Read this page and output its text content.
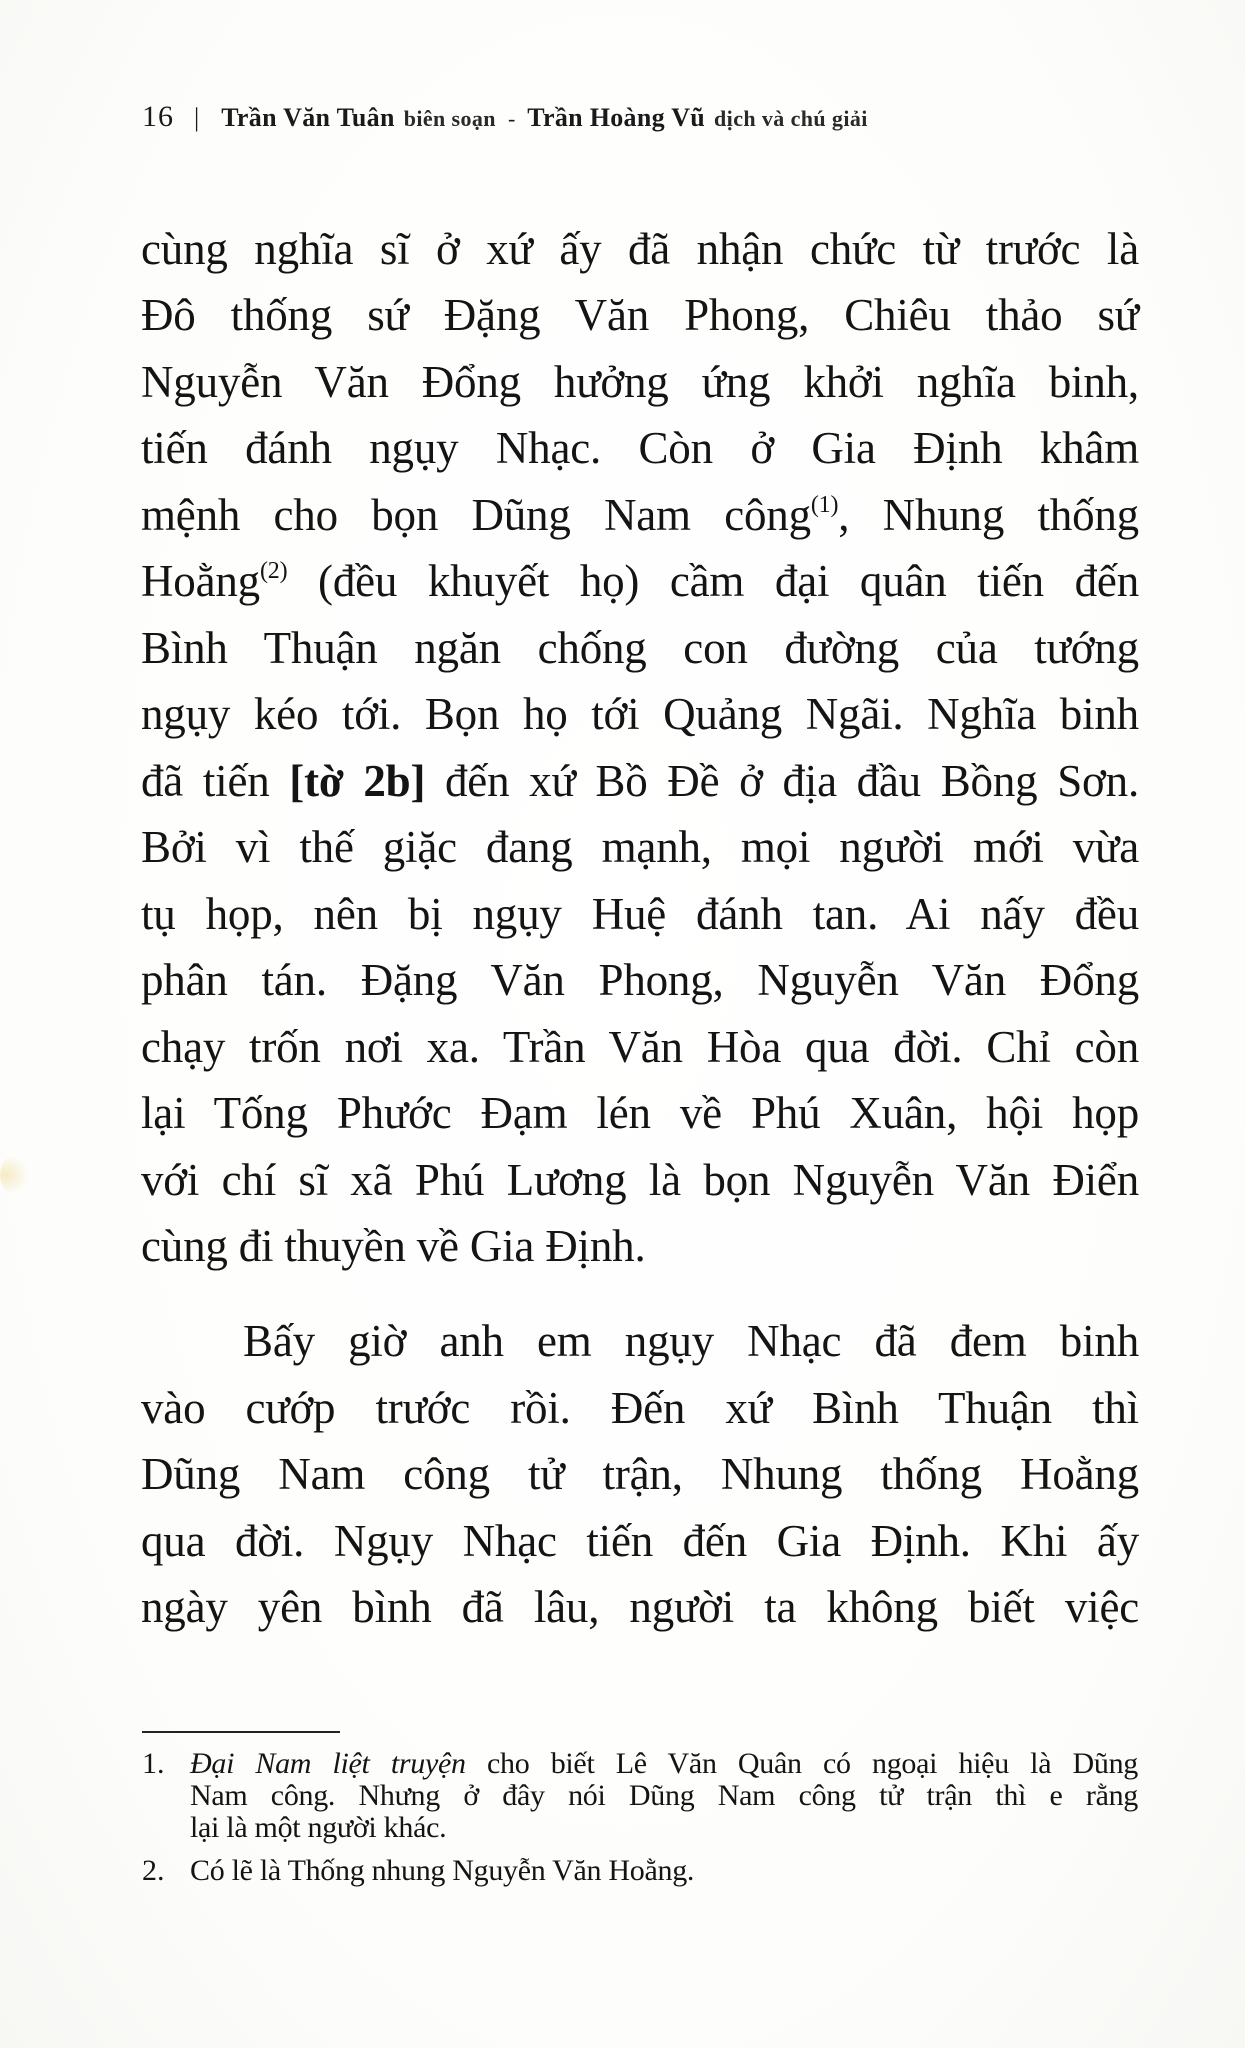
16 | Trần Văn Tuân biên soạn - Trần Hoàng Vũ dịch và chú giải
cùng nghĩa sĩ ở xứ ấy đã nhận chức từ trước là
Đô thống sứ Đặng Văn Phong, Chiêu thảo sứ
Nguyễn Văn Đổng hưởng ứng khởi nghĩa binh,
tiến đánh ngụy Nhạc. Còn ở Gia Định khâm
mệnh cho bọn Dũng Nam công$^{(1)}$, Nhung thống
Hoằng$^{(2)}$ (đều khuyết họ) cầm đại quân tiến đến
Bình Thuận ngăn chống con đường của tướng
ngụy kéo tới. Bọn họ tới Quảng Ngãi. Nghĩa binh
đã tiến [tờ 2b] đến xứ Bồ Đề ở địa đầu Bồng Sơn.
Bởi vì thế giặc đang mạnh, mọi người mới vừa
tụ họp, nên bị ngụy Huệ đánh tan. Ai nấy đều
phân tán. Đặng Văn Phong, Nguyễn Văn Đổng
chạy trốn nơi xa. Trần Văn Hòa qua đời. Chỉ còn
lại Tống Phước Đạm lén về Phú Xuân, hội họp
với chí sĩ xã Phú Lương là bọn Nguyễn Văn Điển
cùng đi thuyền về Gia Định.
Bấy giờ anh em ngụy Nhạc đã đem binh
vào cướp trước rồi. Đến xứ Bình Thuận thì
Dũng Nam công tử trận, Nhung thống Hoằng
qua đời. Ngụy Nhạc tiến đến Gia Định. Khi ấy
ngày yên bình đã lâu, người ta không biết việc
1. Đại Nam liệt truyện cho biết Lê Văn Quân có ngoại hiệu là Dũng
Nam công. Nhưng ở đây nói Dũng Nam công tử trận thì e rằng
lại là một người khác.
2. Có lẽ là Thống nhung Nguyễn Văn Hoằng.
